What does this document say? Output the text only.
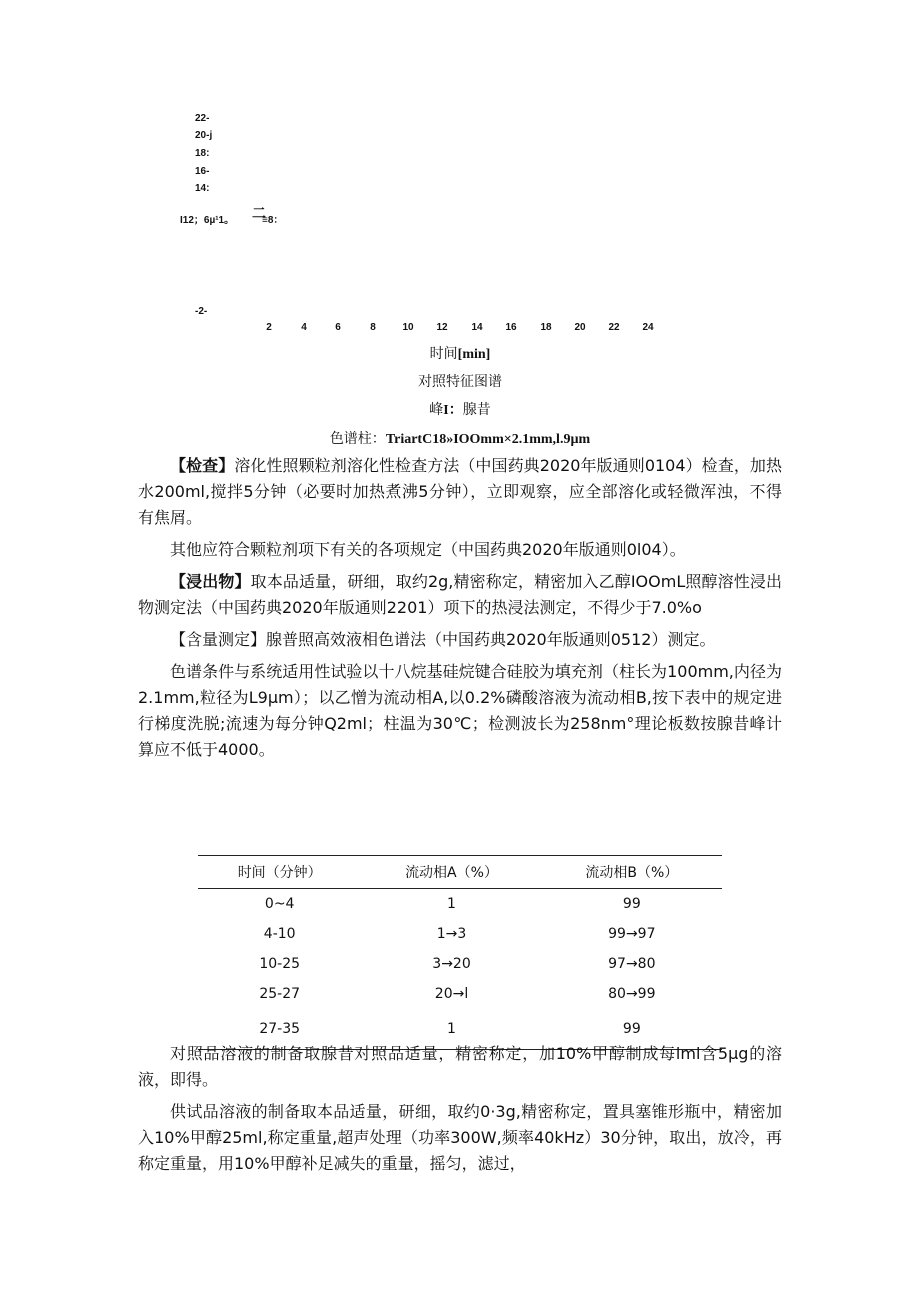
22-
20-j
18:
16-
14:
I12；6µ¹1。 二
≡8：
-2-
2	4	6	8	10	12	14	16	18	20	22	24
时间[min]
对照特征图谱
峰I：腺昔
色谱柱：TriartC18»IOOmm×2.1mm,l.9µm

【检查】溶化性照颗粒剂溶化性检查方法（中国药典2020年版通则0104）检查，加热水200ml,搅拌5分钟（必要时加热煮沸5分钟），立即观察，应全部溶化或轻微浑浊，不得有焦屑。

其他应符合颗粒剂项下有关的各项规定（中国药典2020年版通则0l04）。

【浸出物】取本品适量，研细，取约2g,精密称定，精密加入乙醇IOOmL照醇溶性浸出物测定法（中国药典2020年版通则2201）项下的热浸法测定，不得少于7.0%o

【含量测定】腺普照高效液相色谱法（中国药典2020年版通则0512）测定。

色谱条件与系统适用性试验以十八烷基硅烷键合硅胶为填充剂（柱长为100mm,内径为2.1mm,粒径为L9µm）；以乙憎为流动相A,以0.2%磷酸溶液为流动相B,按下表中的规定进行梯度洗脱;流速为每分钟Q2ml；柱温为30℃；检测波长为258nm°理论板数按腺昔峰计算应不低于4000。

时间（分钟）	流动相A（%）	流动相B（%）
0~4	1	99
4-10	1→3	99→97
10-25	3→20	97→80
25-27	20→l	80→99
27-35	1	99

对照品溶液的制备取腺昔对照品适量，精密称定，加10%甲醇制成每lml含5µg的溶液，即得。

供试品溶液的制备取本品适量，研细，取约0·3g,精密称定，置具塞锥形瓶中，精密加入10%甲醇25ml,称定重量,超声处理（功率300W,频率40kHz）30分钟，取出，放冷，再称定重量，用10%甲醇补足减失的重量，摇匀，滤过，
